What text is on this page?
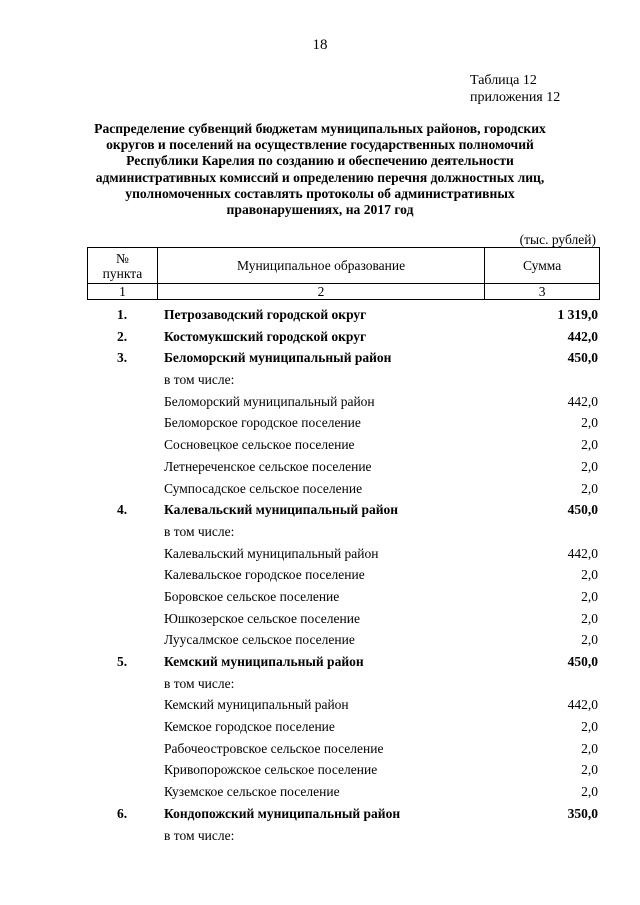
18
Таблица 12
приложения 12
Распределение субвенций бюджетам муниципальных районов, городских
округов и поселений на осуществление государственных полномочий
Республики Карелия по созданию и обеспечению деятельности
административных комиссий и определению перечня должностных лиц,
уполномоченных составлять протоколы об административных
правонарушениях, на 2017 год
(тыс. рублей)
№
пункта	Муниципальное образование	Сумма
1	2	3
1.	Петрозаводский городской округ	1 319,0
2.	Костомукшский городской округ	442,0
3.	Беломорский муниципальный район	450,0
в том числе:
Беломорский муниципальный район	442,0
Беломорское городское поселение	2,0
Сосновецкое сельское поселение	2,0
Летнереченское сельское поселение	2,0
Сумпосадское сельское поселение	2,0
4.	Калевальский муниципальный район	450,0
в том числе:
Калевальский муниципальный район	442,0
Калевальское городское поселение	2,0
Боровское сельское поселение	2,0
Юшкозерское сельское поселение	2,0
Луусалмское сельское поселение	2,0
5.	Кемский муниципальный район	450,0
в том числе:
Кемский муниципальный район	442,0
Кемское городское поселение	2,0
Рабочеостровское сельское поселение	2,0
Кривопорожское сельское поселение	2,0
Куземское сельское поселение	2,0
6.	Кондопожский муниципальный район	350,0
в том числе:
